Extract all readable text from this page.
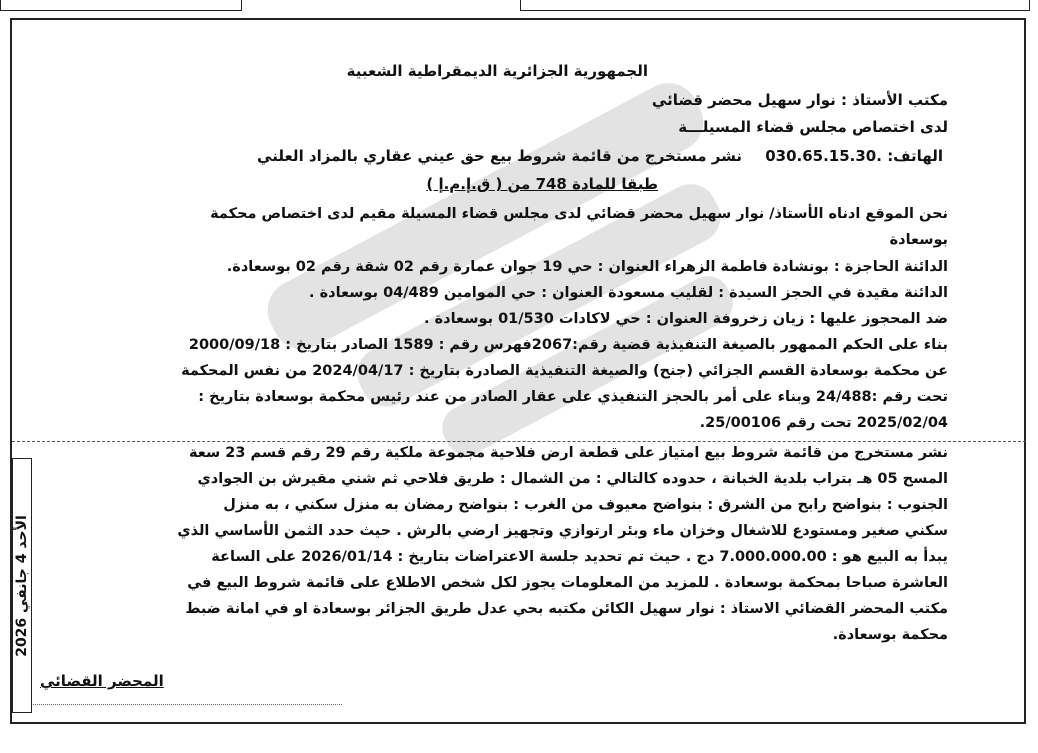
الجمهورية الجزائرية الديمقراطية الشعبية
مكتب الأستاذ : نوار سهيل محضر قضائي
لدى اختصاص مجلس قضاء المسيلـــة
الهاتف: .030.65.15.30 نشر مستخرج من قائمة شروط بيع حق عيني عقاري بالمزاد العلني
طبقا للمادة 748 من ( ق.إ.م.إ )
نحن الموقع ادناه الأستاذ/ نوار سهيل محضر قضائي لدى مجلس قضاء المسيلة مقيم لدى اختصاص محكمة
بوسعادة
الدائنة الحاجزة : بونشادة فاطمة الزهراء العنوان : حي 19 جوان عمارة رقم 02 شقة رقم 02 بوسعادة.
الدائنة مقيدة في الحجز السيدة : لقليب مسعودة العنوان : حي الموامين 04/489 بوسعادة .
ضد المحجوز عليها : زيان زخروفة العنوان : حي لاكادات 01/530 بوسعادة .
بناء على الحكم الممهور بالصيغة التنفيذية قضية رقم:2067فهرس رقم : 1589 الصادر بتاريخ : 2000/09/18
عن محكمة بوسعادة القسم الجزائي (جنح) والصيغة التنفيذية الصادرة بتاريخ : 2024/04/17 من نفس المحكمة
تحت رقم :24/488 وبناء على أمر بالحجز التنفيذي على عقار الصادر من عند رئيس محكمة بوسعادة بتاريخ :
2025/02/04 تحت رقم 25/00106.
نشر مستخرج من قائمة شروط بيع امتياز على قطعة ارض فلاحية مجموعة ملكية رقم 29 رقم قسم 23 سعة
المسح 05 هـ بتراب بلدية الخبانة ، حدوده كالتالي : من الشمال : طريق فلاحي ثم شني مقيرش بن الجوادي
الجنوب : بنواضح رابح من الشرق : بنواضح معيوف من الغرب : بنواضح رمضان به منزل سكني ، به منزل
سكني صغير ومستودع للاشغال وخزان ماء وبئر ارتوازي وتجهيز ارضي بالرش . حيث حدد الثمن الأساسي الذي
يبدأ به البيع هو : 7.000.000.00 دج . حيث تم تحديد جلسة الاعتراضات بتاريخ : 2026/01/14 على الساعة
العاشرة صباحا بمحكمة بوسعادة . للمزيد من المعلومات يجوز لكل شخص الاطلاع على قائمة شروط البيع في
مكتب المحضر القضائي الاستاذ : نوار سهيل الكائن مكتبه بحي عدل طريق الجزائر بوسعادة او في امانة ضبط
محكمة بوسعادة.
المحضر القضائي
الأحد 4 جانفي 2026
